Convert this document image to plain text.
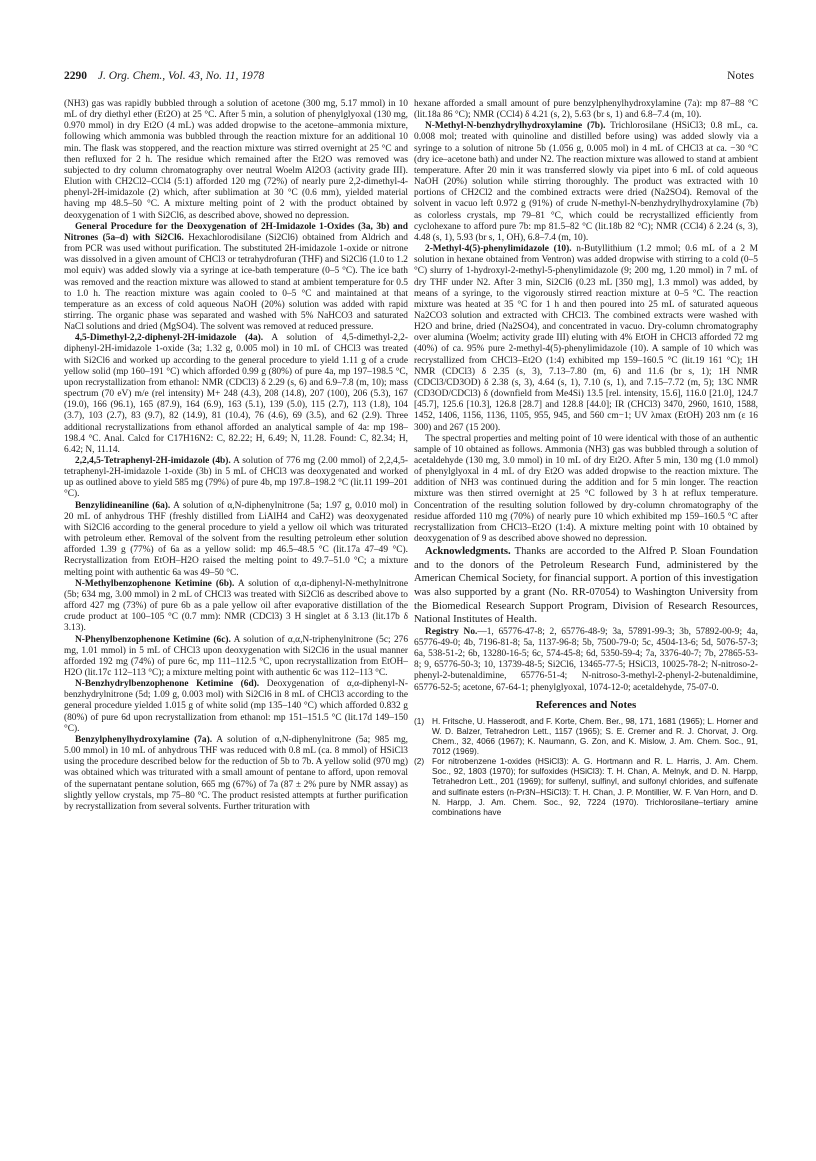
2290 J. Org. Chem., Vol. 43, No. 11, 1978	Notes

(NH3) gas was rapidly bubbled through a solution of acetone (300 mg, 5.17 mmol) in 10 mL of dry diethyl ether (Et2O) at 25 °C. After 5 min, a solution of phenylglyoxal (130 mg, 0.970 mmol) in dry Et2O (4 mL) was added dropwise to the acetone–ammonia mixture, following which ammonia was bubbled through the reaction mixture for an additional 10 min. The flask was stoppered, and the reaction mixture was stirred overnight at 25 °C and then refluxed for 2 h. The residue which remained after the Et2O was removed was subjected to dry column chromatography over neutral Woelm Al2O3 (activity grade III). Elution with CH2Cl2–CCl4 (5:1) afforded 120 mg (72%) of nearly pure 2,2-dimethyl-4-phenyl-2H-imidazole (2) which, after sublimation at 30 °C (0.6 mm), yielded material having mp 48.5–50 °C. A mixture melting point of 2 with the product obtained by deoxygenation of 1 with Si2Cl6, as described above, showed no depression.

General Procedure for the Deoxygenation of 2H-Imidazole 1-Oxides (3a, 3b) and Nitrones (5a–d) with Si2Cl6. Hexachlorodisilane (Si2Cl6) obtained from Aldrich and from PCR was used without purification. The substituted 2H-imidazole 1-oxide or nitrone was dissolved in a given amount of CHCl3 or tetrahydrofuran (THF) and Si2Cl6 (1.0 to 1.2 mol equiv) was added slowly via a syringe at ice-bath temperature (0–5 °C). The ice bath was removed and the reaction mixture was allowed to stand at ambient temperature for 0.5 to 1.0 h. The reaction mixture was again cooled to 0–5 °C and maintained at that temperature as an excess of cold aqueous NaOH (20%) solution was added with rapid stirring. The organic phase was separated and washed with 5% NaHCO3 and saturated NaCl solutions and dried (MgSO4). The solvent was removed at reduced pressure.

4,5-Dimethyl-2,2-diphenyl-2H-imidazole (4a). A solution of 4,5-dimethyl-2,2-diphenyl-2H-imidazole 1-oxide (3a; 1.32 g, 0.005 mol) in 10 mL of CHCl3 was treated with Si2Cl6 and worked up according to the general procedure to yield 1.11 g of a crude yellow solid (mp 160–191 °C) which afforded 0.99 g (80%) of pure 4a, mp 197–198.5 °C, upon recrystallization from ethanol: NMR (CDCl3) δ 2.29 (s, 6) and 6.9–7.8 (m, 10); mass spectrum (70 eV) m/e (rel intensity) M+ 248 (4.3), 208 (14.8), 207 (100), 206 (5.3), 167 (19.0), 166 (96.1), 165 (87.9), 164 (6.9), 163 (5.1), 139 (5.0), 115 (2.7), 113 (1.8), 104 (3.7), 103 (2.7), 83 (9.7), 82 (14.9), 81 (10.4), 76 (4.6), 69 (3.5), and 62 (2.9). Three additional recrystallizations from ethanol afforded an analytical sample of 4a: mp 198–198.4 °C. Anal. Calcd for C17H16N2: C, 82.22; H, 6.49; N, 11.28. Found: C, 82.34; H, 6.42; N, 11.14.

2,2,4,5-Tetraphenyl-2H-imidazole (4b). A solution of 776 mg (2.00 mmol) of 2,2,4,5-tetraphenyl-2H-imidazole 1-oxide (3b) in 5 mL of CHCl3 was deoxygenated and worked up as outlined above to yield 585 mg (79%) of pure 4b, mp 197.8–198.2 °C (lit.11 199–201 °C).

Benzylidineaniline (6a). A solution of α,N-diphenylnitrone (5a; 1.97 g, 0.010 mol) in 20 mL of anhydrous THF (freshly distilled from LiAlH4 and CaH2) was deoxygenated with Si2Cl6 according to the general procedure to yield a yellow oil which was triturated with petroleum ether. Removal of the solvent from the resulting petroleum ether solution afforded 1.39 g (77%) of 6a as a yellow solid: mp 46.5–48.5 °C (lit.17a 47–49 °C). Recrystallization from EtOH–H2O raised the melting point to 49.7–51.0 °C; a mixture melting point with authentic 6a was 49–50 °C.

N-Methylbenzophenone Ketimine (6b). A solution of α,α-diphenyl-N-methylnitrone (5b; 634 mg, 3.00 mmol) in 2 mL of CHCl3 was treated with Si2Cl6 as described above to afford 427 mg (73%) of pure 6b as a pale yellow oil after evaporative distillation of the crude product at 100–105 °C (0.7 mm): NMR (CDCl3) 3 H singlet at δ 3.13 (lit.17b δ 3.13).

N-Phenylbenzophenone Ketimine (6c). A solution of α,α,N-triphenylnitrone (5c; 276 mg, 1.01 mmol) in 5 mL of CHCl3 upon deoxygenation with Si2Cl6 in the usual manner afforded 192 mg (74%) of pure 6c, mp 111–112.5 °C, upon recrystallization from EtOH–H2O (lit.17c 112–113 °C); a mixture melting point with authentic 6c was 112–113 °C.

N-Benzhydrylbenzophenone Ketimine (6d). Deoxygenation of α,α-diphenyl-N-benzhydrylnitrone (5d; 1.09 g, 0.003 mol) with Si2Cl6 in 8 mL of CHCl3 according to the general procedure yielded 1.015 g of white solid (mp 135–140 °C) which afforded 0.832 g (80%) of pure 6d upon recrystallization from ethanol: mp 151–151.5 °C (lit.17d 149–150 °C).

Benzylphenylhydroxylamine (7a). A solution of α,N-diphenylnitrone (5a; 985 mg, 5.00 mmol) in 10 mL of anhydrous THF was reduced with 0.8 mL (ca. 8 mmol) of HSiCl3 using the procedure described below for the reduction of 5b to 7b. A yellow solid (970 mg) was obtained which was triturated with a small amount of pentane to afford, upon removal of the supernatant pentane solution, 665 mg (67%) of 7a (87 ± 2% pure by NMR assay) as slightly yellow crystals, mp 75–80 °C. The product resisted attempts at further purification by recrystallization from several solvents. Further trituration with

hexane afforded a small amount of pure benzylphenylhydroxylamine (7a): mp 87–88 °C (lit.18a 86 °C); NMR (CCl4) δ 4.21 (s, 2), 5.63 (br s, 1) and 6.8–7.4 (m, 10).

N-Methyl-N-benzhydrylhydroxylamine (7b). Trichlorosilane (HSiCl3; 0.8 mL, ca. 0.008 mol; treated with quinoline and distilled before using) was added slowly via a syringe to a solution of nitrone 5b (1.056 g, 0.005 mol) in 4 mL of CHCl3 at ca. −30 °C (dry ice–acetone bath) and under N2. The reaction mixture was allowed to stand at ambient temperature. After 20 min it was transferred slowly via pipet into 6 mL of cold aqueous NaOH (20%) solution while stirring thoroughly. The product was extracted with 10 portions of CH2Cl2 and the combined extracts were dried (Na2SO4). Removal of the solvent in vacuo left 0.972 g (91%) of crude N-methyl-N-benzhydrylhydroxylamine (7b) as colorless crystals, mp 79–81 °C, which could be recrystallized efficiently from cyclohexane to afford pure 7b: mp 81.5–82 °C (lit.18b 82 °C); NMR (CCl4) δ 2.24 (s, 3), 4.48 (s, 1), 5.93 (br s, 1, OH), 6.8–7.4 (m, 10).

2-Methyl-4(5)-phenylimidazole (10). n-Butyllithium (1.2 mmol; 0.6 mL of a 2 M solution in hexane obtained from Ventron) was added dropwise with stirring to a cold (0–5 °C) slurry of 1-hydroxyl-2-methyl-5-phenylimidazole (9; 200 mg, 1.20 mmol) in 7 mL of dry THF under N2. After 3 min, Si2Cl6 (0.23 mL [350 mg], 1.3 mmol) was added, by means of a syringe, to the vigorously stirred reaction mixture at 0–5 °C. The reaction mixture was heated at 35 °C for 1 h and then poured into 25 mL of saturated aqueous Na2CO3 solution and extracted with CHCl3. The combined extracts were washed with H2O and brine, dried (Na2SO4), and concentrated in vacuo. Dry-column chromatography over alumina (Woelm; activity grade III) eluting with 4% EtOH in CHCl3 afforded 72 mg (40%) of ca. 95% pure 2-methyl-4(5)-phenylimidazole (10). A sample of 10 which was recrystallized from CHCl3–Et2O (1:4) exhibited mp 159–160.5 °C (lit.19 161 °C); 1H NMR (CDCl3) δ 2.35 (s, 3), 7.13–7.80 (m, 6) and 11.6 (br s, 1); 1H NMR (CDCl3/CD3OD) δ 2.38 (s, 3), 4.64 (s, 1), 7.10 (s, 1), and 7.15–7.72 (m, 5); 13C NMR (CD3OD/CDCl3) δ (downfield from Me4Si) 13.5 [rel. intensity, 15.6], 116.0 [21.0], 124.7 [45.7], 125.6 [10.3], 126.8 [28.7] and 128.8 [44.0]; IR (CHCl3) 3470, 2960, 1610, 1588, 1452, 1406, 1156, 1136, 1105, 955, 945, and 560 cm−1; UV λmax (EtOH) 203 nm (ε 16 300) and 267 (15 200).

The spectral properties and melting point of 10 were identical with those of an authentic sample of 10 obtained as follows. Ammonia (NH3) gas was bubbled through a solution of acetaldehyde (130 mg, 3.0 mmol) in 10 mL of dry Et2O. After 5 min, 130 mg (1.0 mmol) of phenylglyoxal in 4 mL of dry Et2O was added dropwise to the reaction mixture. The addition of NH3 was continued during the addition and for 5 min longer. The reaction mixture was then stirred overnight at 25 °C followed by 3 h at reflux temperature. Concentration of the resulting solution followed by dry-column chromatography of the residue afforded 110 mg (70%) of nearly pure 10 which exhibited mp 159–160.5 °C after recrystallization from CHCl3–Et2O (1:4). A mixture melting point with 10 obtained by deoxygenation of 9 as described above showed no depression.

Acknowledgments. Thanks are accorded to the Alfred P. Sloan Foundation and to the donors of the Petroleum Research Fund, administered by the American Chemical Society, for financial support. A portion of this investigation was also supported by a grant (No. RR-07054) to Washington University from the Biomedical Research Support Program, Division of Research Resources, National Institutes of Health.

Registry No.—1, 65776-47-8; 2, 65776-48-9; 3a, 57891-99-3; 3b, 57892-00-9; 4a, 65776-49-0; 4b, 7196-81-8; 5a, 1137-96-8; 5b, 7500-79-0; 5c, 4504-13-6; 5d, 5076-57-3; 6a, 538-51-2; 6b, 13280-16-5; 6c, 574-45-8; 6d, 5350-59-4; 7a, 3376-40-7; 7b, 27865-53-8; 9, 65776-50-3; 10, 13739-48-5; Si2Cl6, 13465-77-5; HSiCl3, 10025-78-2; N-nitroso-2-phenyl-2-butenaldimine, 65776-51-4; N-nitroso-3-methyl-2-phenyl-2-butenaldimine, 65776-52-5; acetone, 67-64-1; phenylglyoxal, 1074-12-0; acetaldehyde, 75-07-0.

References and Notes
(1) H. Fritsche, U. Hasserodt, and F. Korte, Chem. Ber., 98, 171, 1681 (1965); L. Horner and W. D. Balzer, Tetrahedron Lett., 1157 (1965); S. E. Cremer and R. J. Chorvat, J. Org. Chem., 32, 4066 (1967); K. Naumann, G. Zon, and K. Mislow, J. Am. Chem. Soc., 91, 7012 (1969).
(2) For nitrobenzene 1-oxides (HSiCl3): A. G. Hortmann and R. L. Harris, J. Am. Chem. Soc., 92, 1803 (1970); for sulfoxides (HSiCl3): T. H. Chan, A. Melnyk, and D. N. Harpp, Tetrahedron Lett., 201 (1969); for sulfenyl, sulfinyl, and sulfonyl chlorides, and sulfenate and sulfinate esters (n-Pr3N–HSiCl3): T. H. Chan, J. P. Montillier, W. F. Van Horn, and D. N. Harpp, J. Am. Chem. Soc., 92, 7224 (1970). Trichlorosilane–tertiary amine combinations have
